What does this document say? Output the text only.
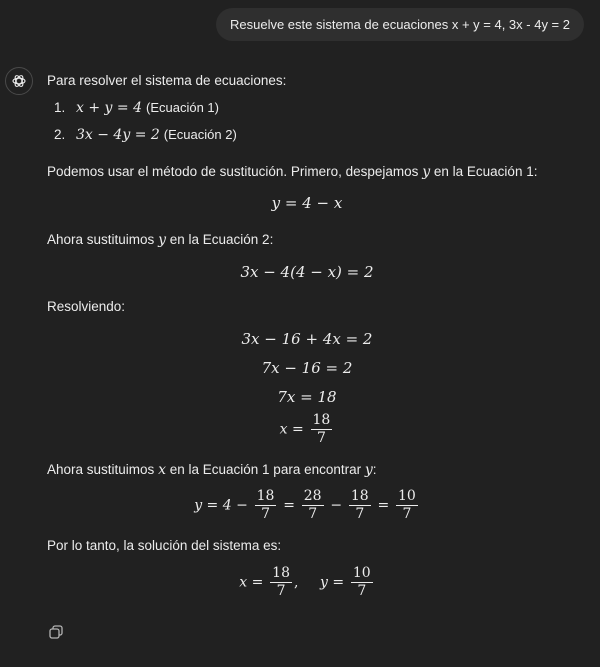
Resuelve este sistema de ecuaciones x + y = 4, 3x - 4y = 2

Para resolver el sistema de ecuaciones:

1. x + y = 4 (Ecuación 1)
2. 3x − 4y = 2 (Ecuación 2)

Podemos usar el método de sustitución. Primero, despejamos y en la Ecuación 1:

y = 4 − x

Ahora sustituimos y en la Ecuación 2:

3x − 4(4 − x) = 2

Resolviendo:

3x − 16 + 4x = 2
7x − 16 = 2
7x = 18
$x = \frac{18}{7}$

Ahora sustituimos x en la Ecuación 1 para encontrar y:

$y = 4 - \frac{18}{7} = \frac{28}{7} - \frac{18}{7} = \frac{10}{7}$

Por lo tanto, la solución del sistema es:

$x = \frac{18}{7}$ , $y = \frac{10}{7}$
